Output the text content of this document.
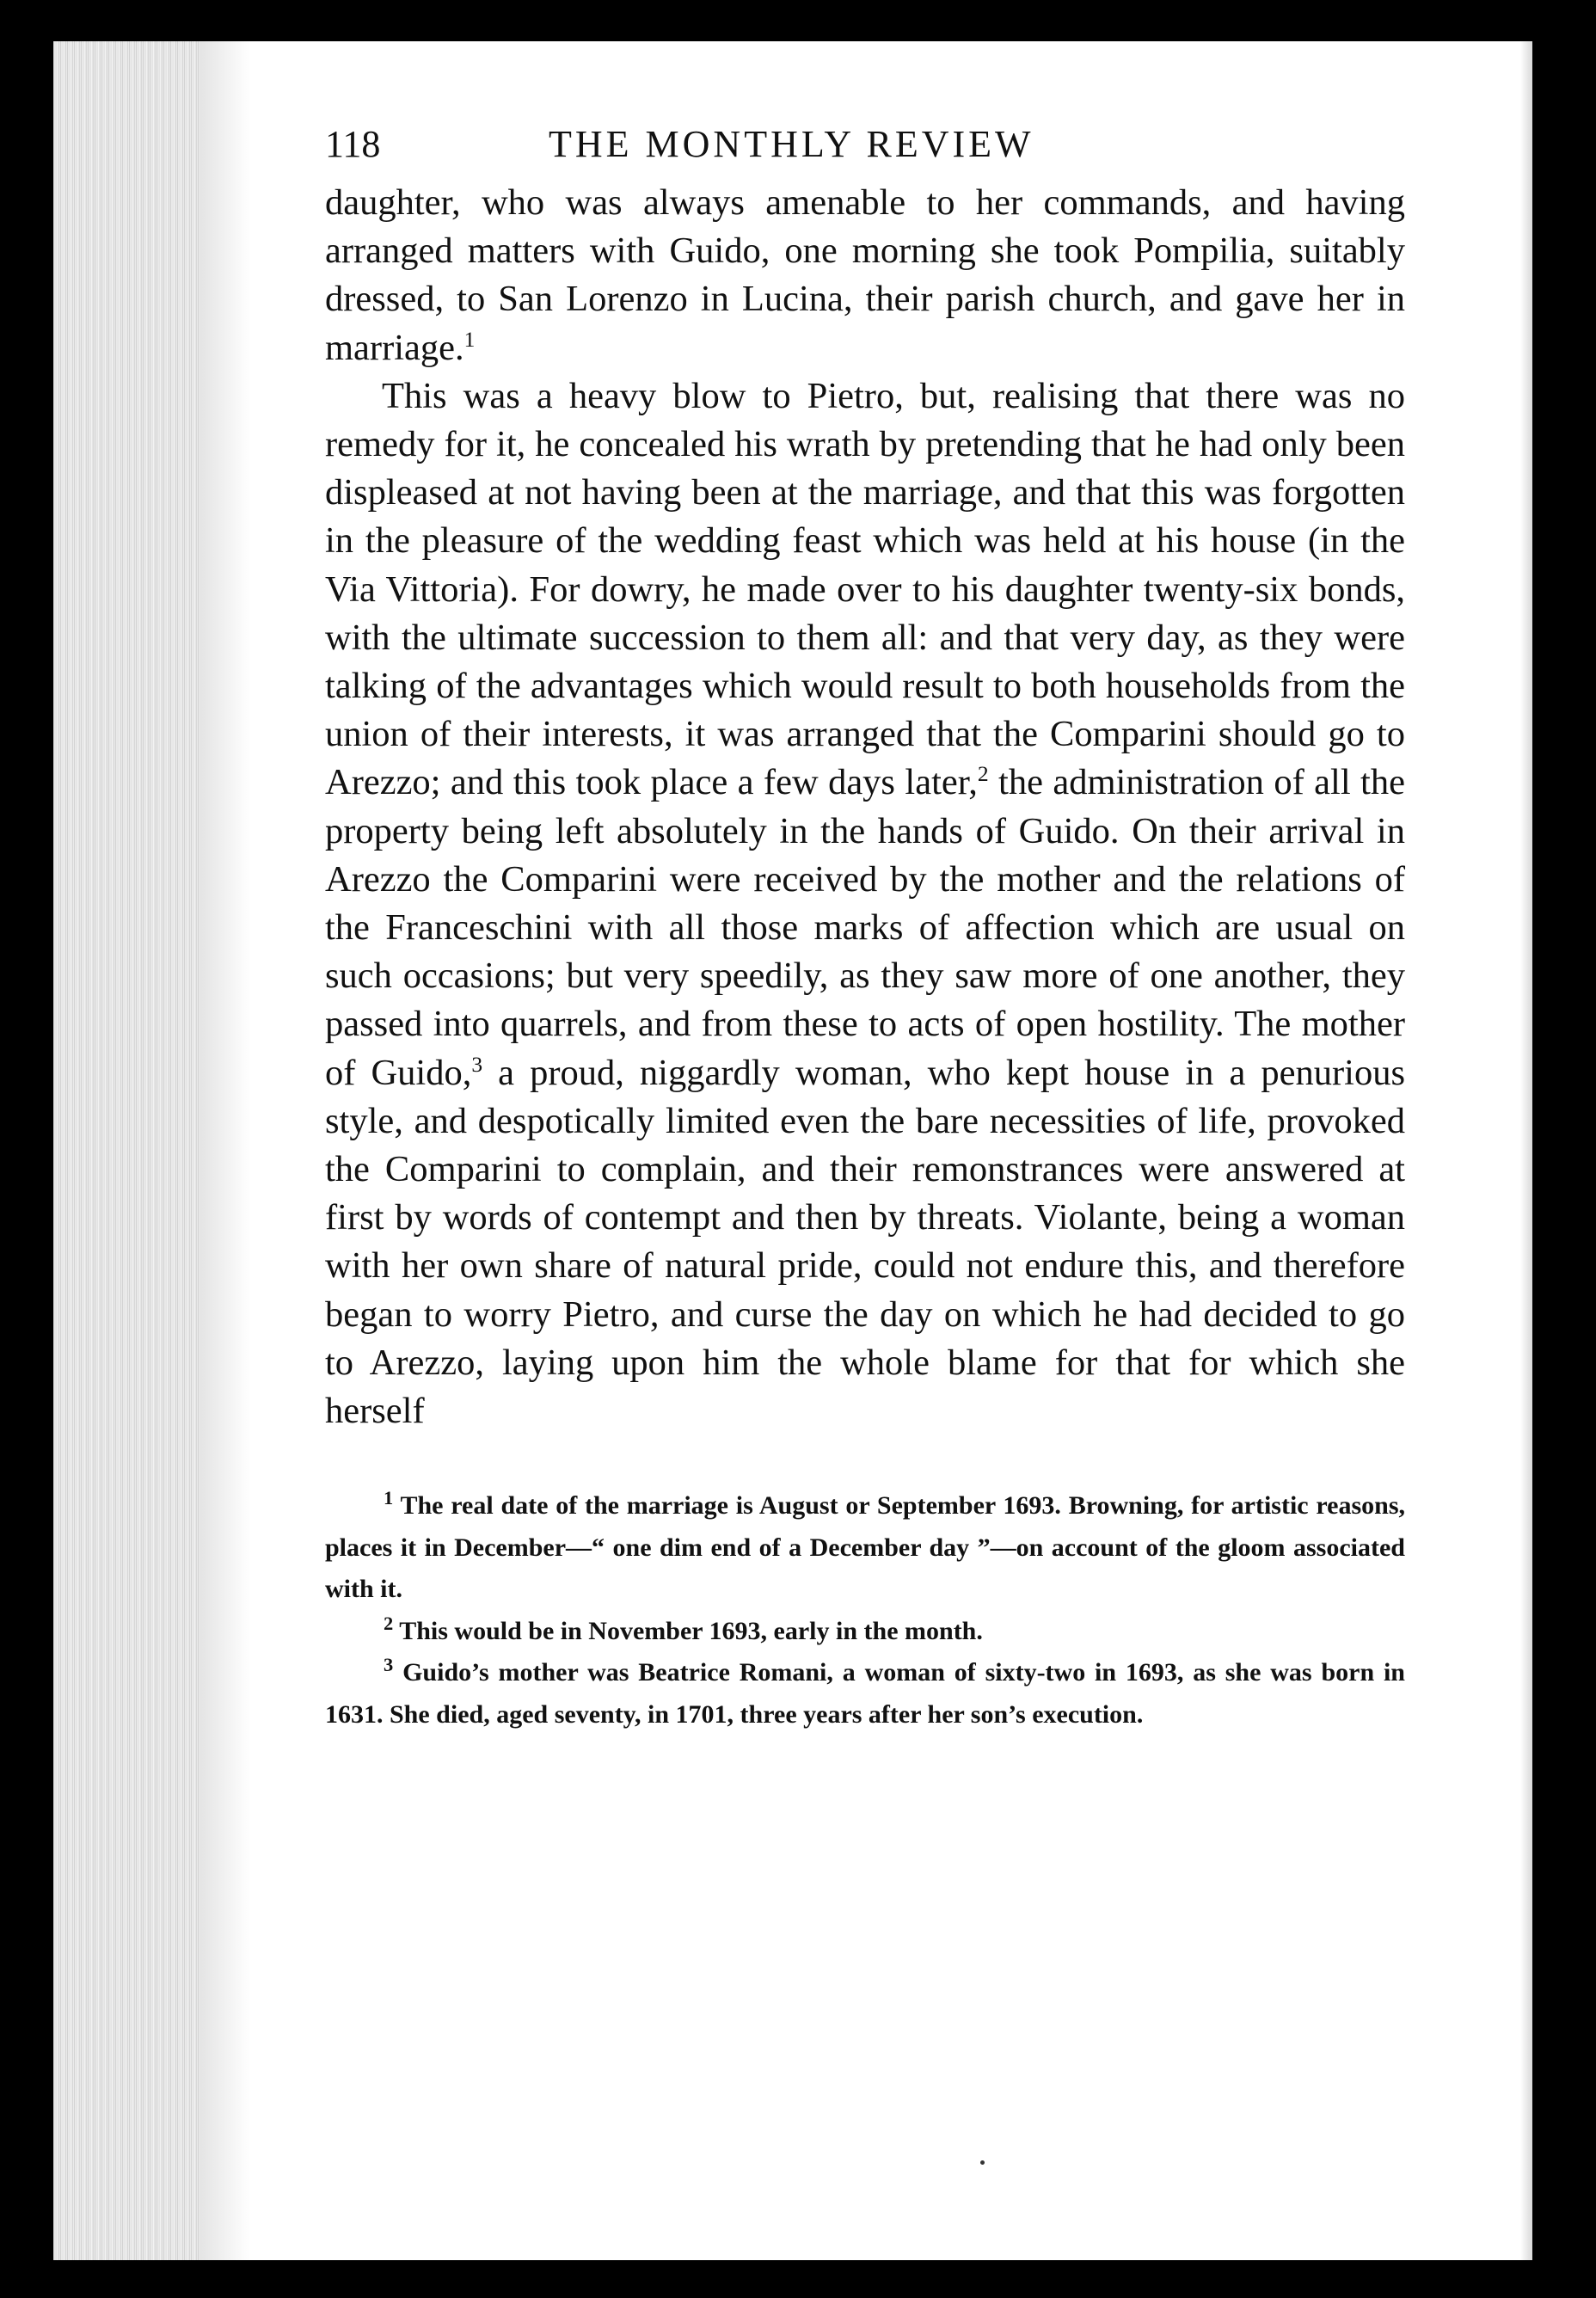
118	THE MONTHLY REVIEW

daughter, who was always amenable to her commands, and having arranged matters with Guido, one morning she took Pompilia, suitably dressed, to San Lorenzo in Lucina, their parish church, and gave her in marriage.$^1$

This was a heavy blow to Pietro, but, realising that there was no remedy for it, he concealed his wrath by pretending that he had only been displeased at not having been at the marriage, and that this was forgotten in the pleasure of the wedding feast which was held at his house (in the Via Vittoria). For dowry, he made over to his daughter twenty-six bonds, with the ultimate succession to them all: and that very day, as they were talking of the advantages which would result to both households from the union of their interests, it was arranged that the Comparini should go to Arezzo; and this took place a few days later,$^2$ the administration of all the property being left absolutely in the hands of Guido. On their arrival in Arezzo the Comparini were received by the mother and the relations of the Franceschini with all those marks of affection which are usual on such occasions; but very speedily, as they saw more of one another, they passed into quarrels, and from these to acts of open hostility. The mother of Guido,$^3$ a proud, niggardly woman, who kept house in a penurious style, and despotically limited even the bare necessities of life, provoked the Comparini to complain, and their remonstrances were answered at first by words of contempt and then by threats. Violante, being a woman with her own share of natural pride, could not endure this, and therefore began to worry Pietro, and curse the day on which he had decided to go to Arezzo, laying upon him the whole blame for that for which she herself

$^1$ The real date of the marriage is August or September 1693. Browning, for artistic reasons, places it in December—“ one dim end of a December day ”—on account of the gloom associated with it.

$^2$ This would be in November 1693, early in the month.

$^3$ Guido’s mother was Beatrice Romani, a woman of sixty-two in 1693, as she was born in 1631. She died, aged seventy, in 1701, three years after her son’s execution.
